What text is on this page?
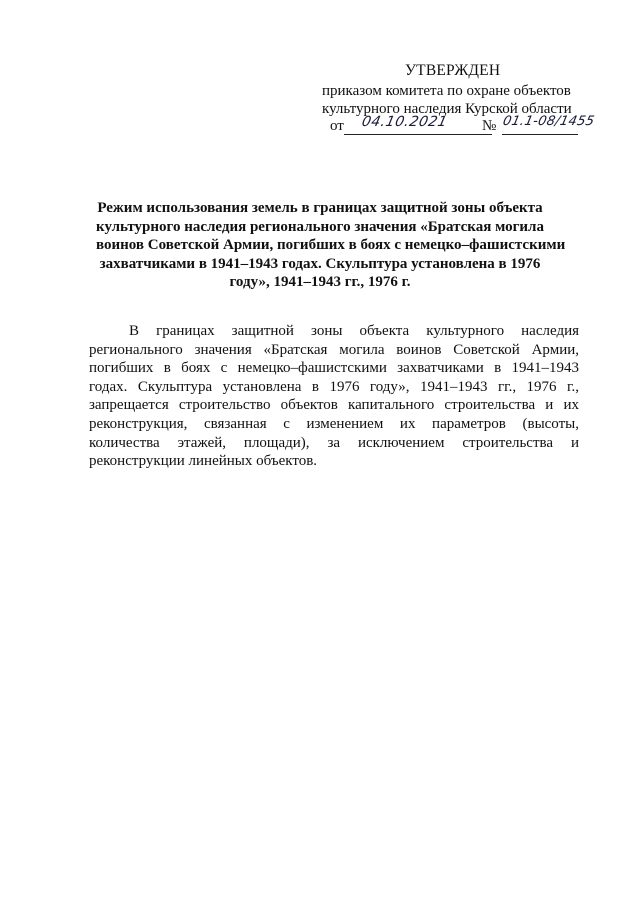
УТВЕРЖДЕН
приказом комитета по охране объектов
культурного наследия Курской области
от 04.10.2021 № 01.1-08/1455
Режим использования земель в границах защитной зоны объекта
культурного наследия регионального значения «Братская могила
воинов Советской Армии, погибших в боях с немецко–фашистскими
захватчиками в 1941–1943 годах. Скульптура установлена в 1976
году», 1941–1943 гг., 1976 г.
В границах защитной зоны объекта культурного наследия
регионального значения «Братская могила воинов Советской Армии,
погибших в боях с немецко–фашистскими захватчиками в 1941–1943
годах. Скульптура установлена в 1976 году», 1941–1943 гг., 1976 г.,
запрещается строительство объектов капитального строительства и их
реконструкция, связанная с изменением их параметров (высоты,
количества этажей, площади), за исключением строительства и
реконструкции линейных объектов.
